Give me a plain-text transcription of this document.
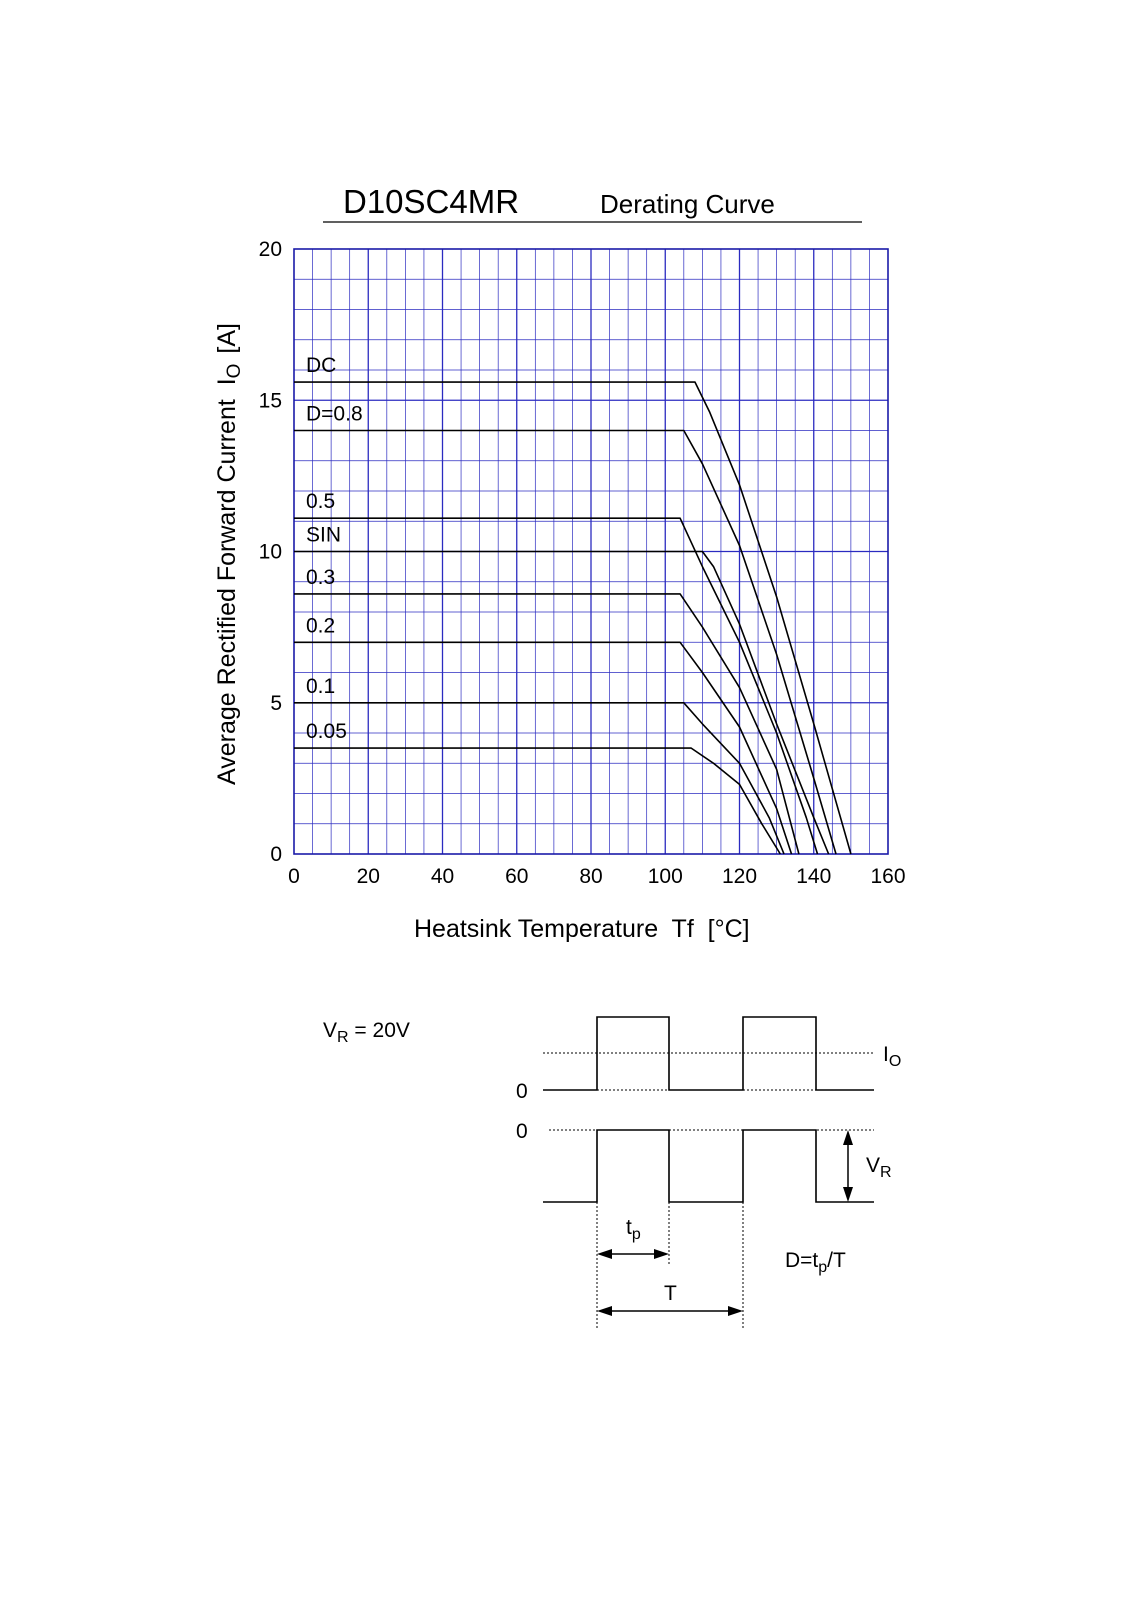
D10SC4MR	Derating Curve
0	20 40 60 80 100 120 140 160
0
5
10
15
20
Heatsink Temperature  Tf  [°C]
Average Rectified Forward Current  $I_O[A]$
DC
D=0.8
0.5
SIN
0.3
0.2
0.1
0.05
$V_R = 20V$
0
$I_O$
0
$V_R$
$t_p$
T
$D=t_p/T$
